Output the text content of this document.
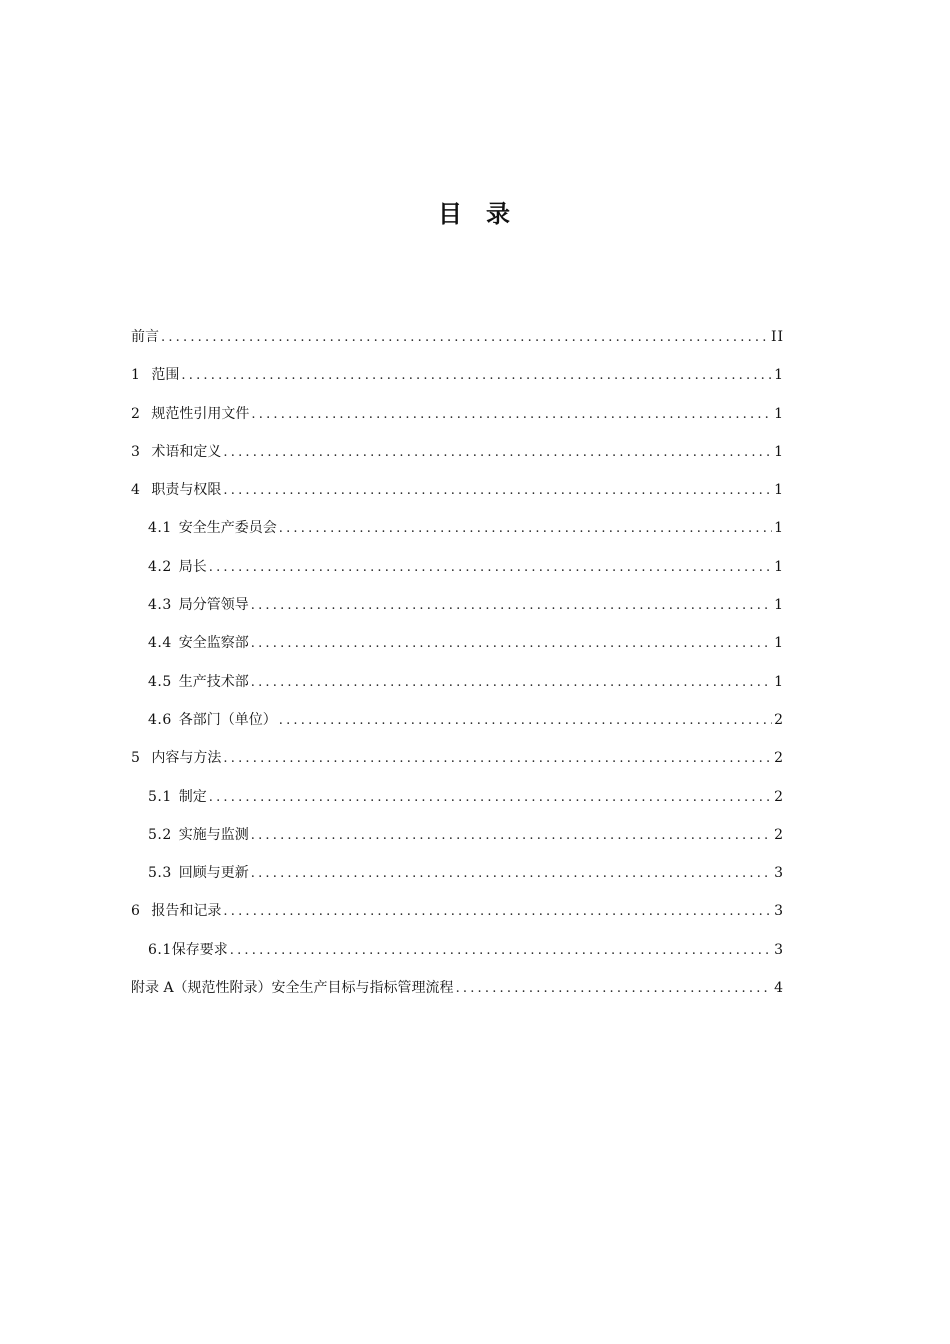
目 录
前言 .....	II
1 范围 .....	1
2 规范性引用文件 .....	1
3 术语和定义 .....	1
4 职责与权限 .....	1
4.1 安全生产委员会 .....	1
4.2 局长 .....	1
4.3 局分管领导 .....	1
4.4 安全监察部 .....	1
4.5 生产技术部 .....	1
4.6 各部门（单位） .....	2
5 内容与方法 .....	2
5.1 制定 .....	2
5.2 实施与监测 .....	2
5.3 回顾与更新 .....	3
6 报告和记录 .....	3
6.1 保存要求 .....	3
附录 A（规范性附录）安全生产目标与指标管理流程 .....	4
